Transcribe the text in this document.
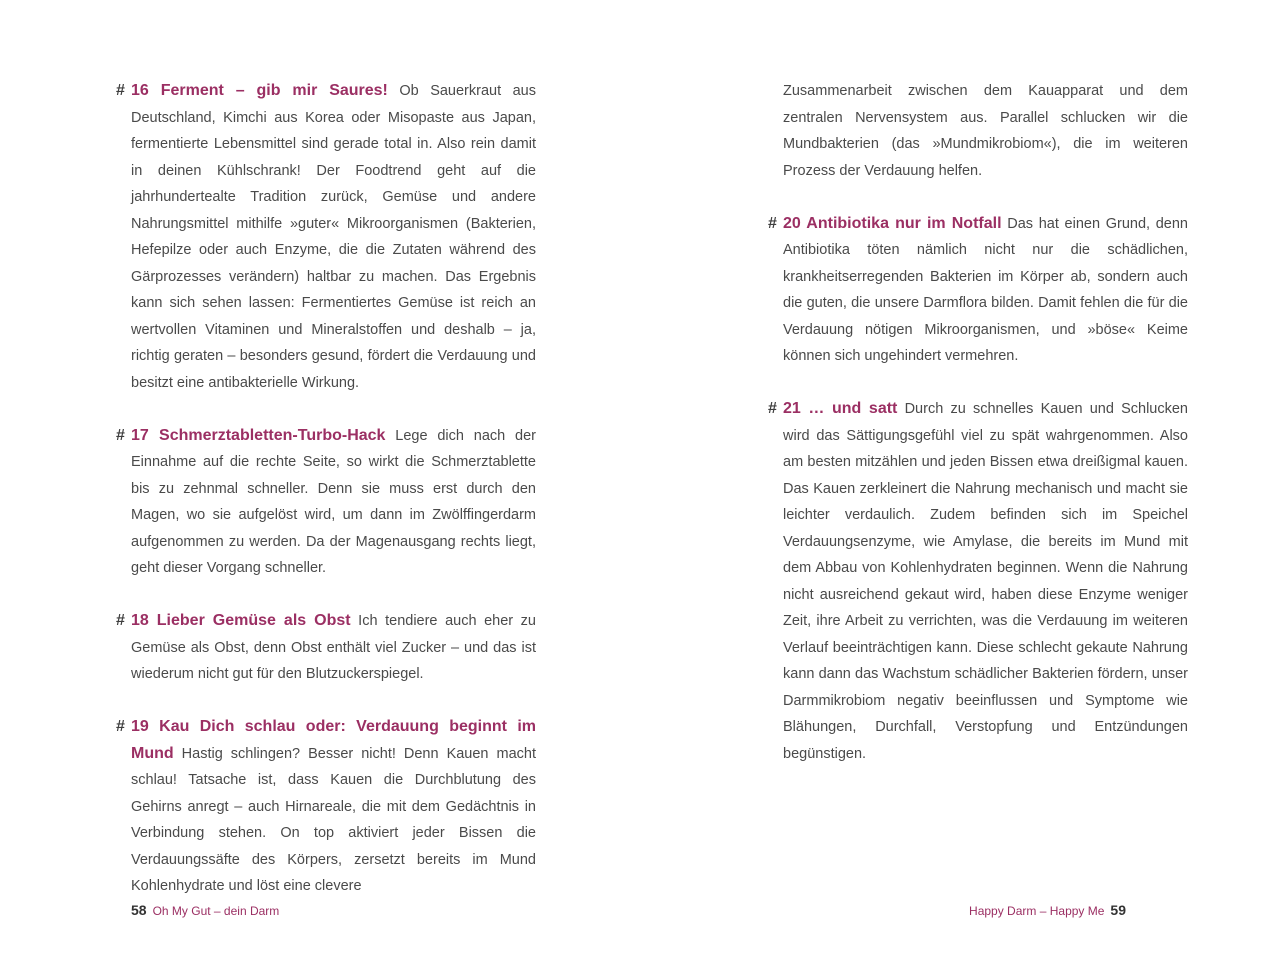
# 16 Ferment – gib mir Saures! Ob Sauerkraut aus Deutschland, Kimchi aus Korea oder Misopaste aus Japan, fermentierte Lebensmittel sind gerade total in. Also rein damit in deinen Kühlschrank! Der Foodtrend geht auf die jahrhundertealte Tradition zurück, Gemüse und andere Nahrungsmittel mithilfe »guter« Mikroorganismen (Bakterien, Hefepilze oder auch Enzyme, die die Zutaten während des Gärprozesses verändern) haltbar zu machen. Das Ergebnis kann sich sehen lassen: Fermentiertes Gemüse ist reich an wertvollen Vitaminen und Mineralstoffen und deshalb – ja, richtig geraten – besonders gesund, fördert die Verdauung und besitzt eine antibakterielle Wirkung.

# 17 Schmerztabletten-Turbo-Hack Lege dich nach der Einnahme auf die rechte Seite, so wirkt die Schmerztablette bis zu zehnmal schneller. Denn sie muss erst durch den Magen, wo sie aufgelöst wird, um dann im Zwölffingerdarm aufgenommen zu werden. Da der Magenausgang rechts liegt, geht dieser Vorgang schneller.

# 18 Lieber Gemüse als Obst Ich tendiere auch eher zu Gemüse als Obst, denn Obst enthält viel Zucker – und das ist wiederum nicht gut für den Blutzuckerspiegel.

# 19 Kau Dich schlau oder: Verdauung beginnt im Mund Hastig schlingen? Besser nicht! Denn Kauen macht schlau! Tatsache ist, dass Kauen die Durchblutung des Gehirns anregt – auch Hirnareale, die mit dem Gedächtnis in Verbindung stehen. On top aktiviert jeder Bissen die Verdauungssäfte des Körpers, zersetzt bereits im Mund Kohlenhydrate und löst eine clevere

58 Oh My Gut – dein Darm

Zusammenarbeit zwischen dem Kauapparat und dem zentralen Nervensystem aus. Parallel schlucken wir die Mundbakterien (das »Mundmikrobiom«), die im weiteren Prozess der Verdauung helfen.

# 20 Antibiotika nur im Notfall Das hat einen Grund, denn Antibiotika töten nämlich nicht nur die schädlichen, krankheitserregenden Bakterien im Körper ab, sondern auch die guten, die unsere Darmflora bilden. Damit fehlen die für die Verdauung nötigen Mikroorganismen, und »böse« Keime können sich ungehindert vermehren.

# 21 … und satt Durch zu schnelles Kauen und Schlucken wird das Sättigungsgefühl viel zu spät wahrgenommen. Also am besten mitzählen und jeden Bissen etwa dreißigmal kauen. Das Kauen zerkleinert die Nahrung mechanisch und macht sie leichter verdaulich. Zudem befinden sich im Speichel Verdauungsenzyme, wie Amylase, die bereits im Mund mit dem Abbau von Kohlenhydraten beginnen. Wenn die Nahrung nicht ausreichend gekaut wird, haben diese Enzyme weniger Zeit, ihre Arbeit zu verrichten, was die Verdauung im weiteren Verlauf beeinträchtigen kann. Diese schlecht gekaute Nahrung kann dann das Wachstum schädlicher Bakterien fördern, unser Darmmikrobiom negativ beeinflussen und Symptome wie Blähungen, Durchfall, Verstopfung und Entzündungen begünstigen.

Happy Darm – Happy Me 59
